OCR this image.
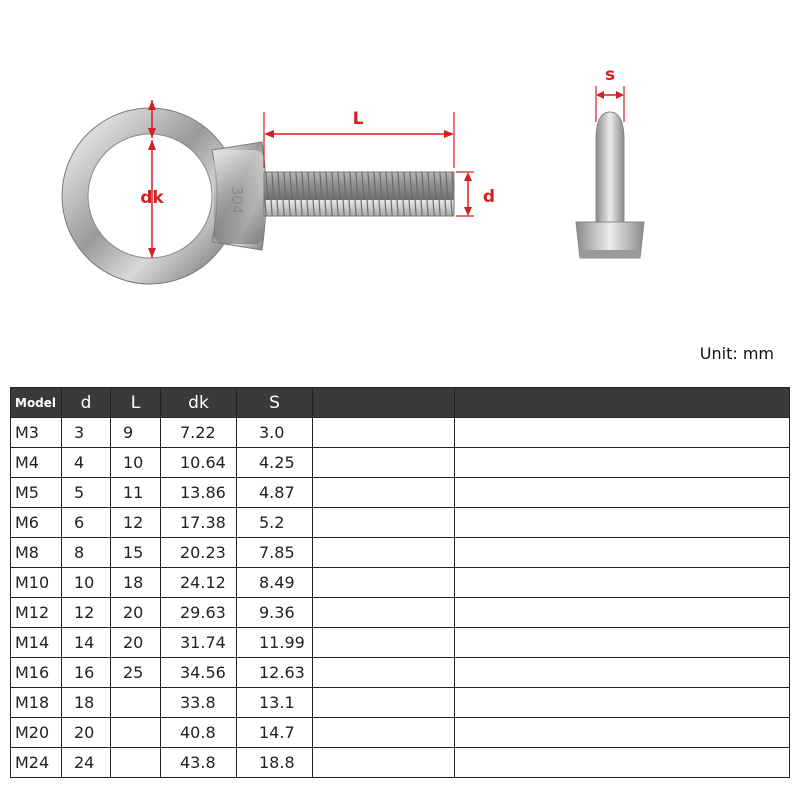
304
L
dk	d
s
Unit: mm
Model	d	L	dk	S		
M3	3	9	7.22	3.0		
M4	4	10	10.64	4.25		
M5	5	11	13.86	4.87		
M6	6	12	17.38	5.2		
M8	8	15	20.23	7.85		
M10	10	18	24.12	8.49		
M12	12	20	29.63	9.36		
M14	14	20	31.74	11.99		
M16	16	25	34.56	12.63		
M18	18		33.8	13.1		
M20	20		40.8	14.7		
M24	24		43.8	18.8		
